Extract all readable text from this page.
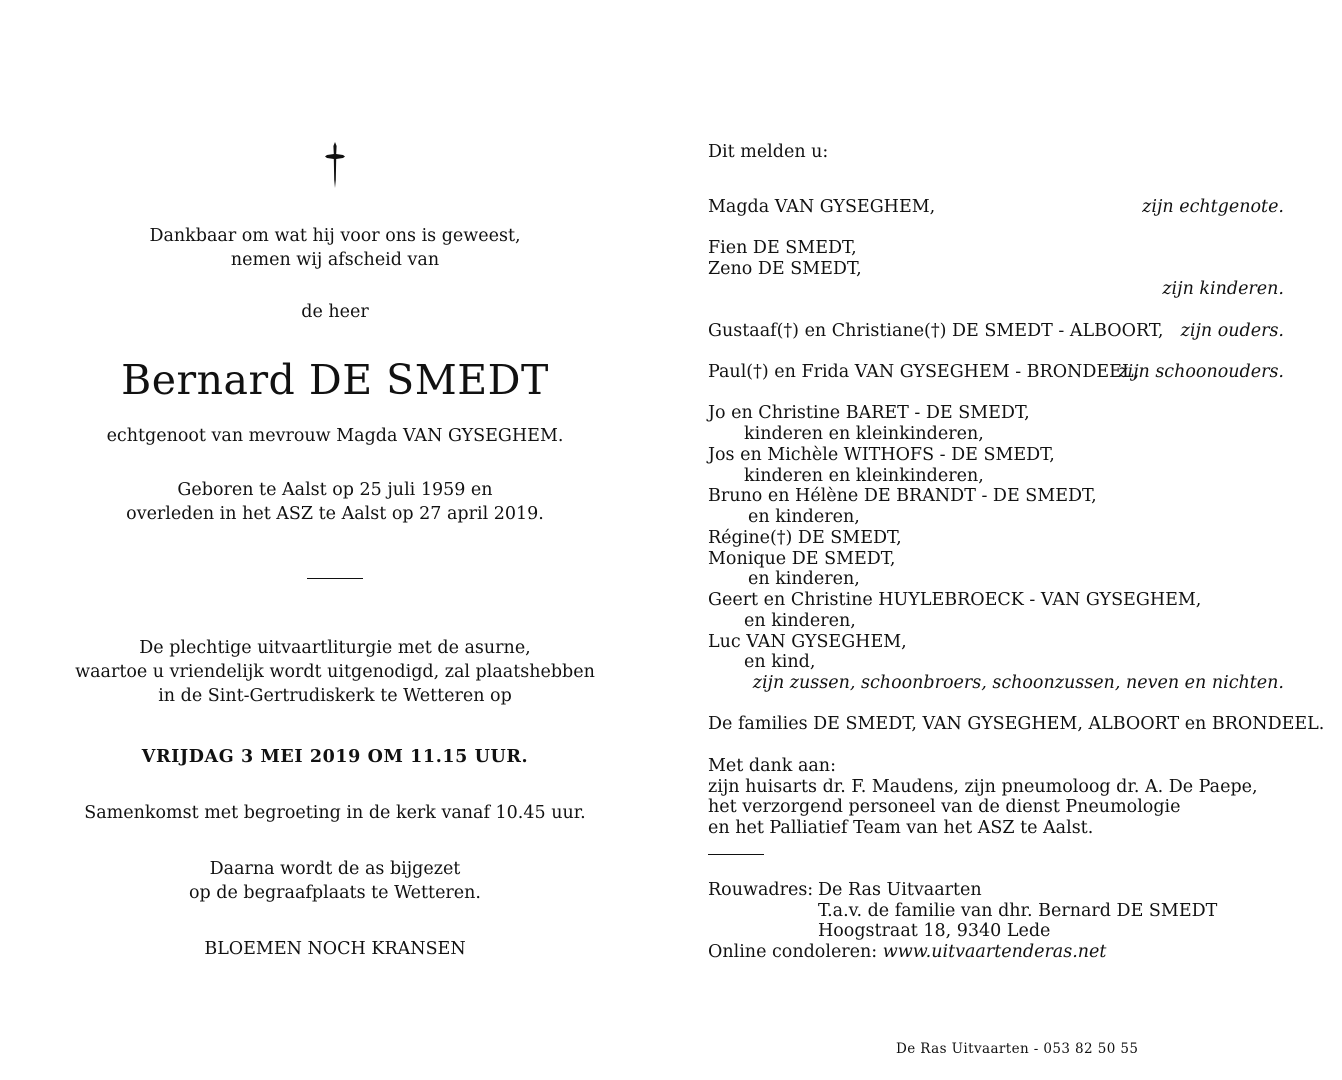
Dankbaar om wat hij voor ons is geweest,
nemen wij afscheid van
de heer
Bernard DE SMEDT
echtgenoot van mevrouw Magda VAN GYSEGHEM.
Geboren te Aalst op 25 juli 1959 en
overleden in het ASZ te Aalst op 27 april 2019.
De plechtige uitvaartliturgie met de asurne,
waartoe u vriendelijk wordt uitgenodigd, zal plaatshebben
in de Sint-Gertrudiskerk te Wetteren op
VRIJDAG 3 MEI 2019 OM 11.15 UUR.
Samenkomst met begroeting in de kerk vanaf 10.45 uur.
Daarna wordt de as bijgezet
op de begraafplaats te Wetteren.
BLOEMEN NOCH KRANSEN
Dit melden u:
Magda VAN GYSEGHEM,	zijn echtgenote.
Fien DE SMEDT,
Zeno DE SMEDT,
zijn kinderen.
Gustaaf(†) en Christiane(†) DE SMEDT - ALBOORT, zijn ouders.
Paul(†) en Frida VAN GYSEGHEM - BRONDEEL,
zijn schoonouders.
Jo en Christine BARET - DE SMEDT,
kinderen en kleinkinderen,
Jos en Michèle WITHOFS - DE SMEDT,
kinderen en kleinkinderen,
Bruno en Hélène DE BRANDT - DE SMEDT,
en kinderen,
Régine(†) DE SMEDT,
Monique DE SMEDT,
en kinderen,
Geert en Christine HUYLEBROECK - VAN GYSEGHEM,
en kinderen,
Luc VAN GYSEGHEM,
en kind,
zijn zussen, schoonbroers, schoonzussen, neven en nichten.
De families DE SMEDT, VAN GYSEGHEM, ALBOORT en BRONDEEL.
Met dank aan:
zijn huisarts dr. F. Maudens, zijn pneumoloog dr. A. De Paepe,
het verzorgend personeel van de dienst Pneumologie
en het Palliatief Team van het ASZ te Aalst.
Rouwadres: De Ras Uitvaarten
T.a.v. de familie van dhr. Bernard DE SMEDT
Hoogstraat 18, 9340 Lede
Online condoleren: www.uitvaartenderas.net
De Ras Uitvaarten - 053 82 50 55
